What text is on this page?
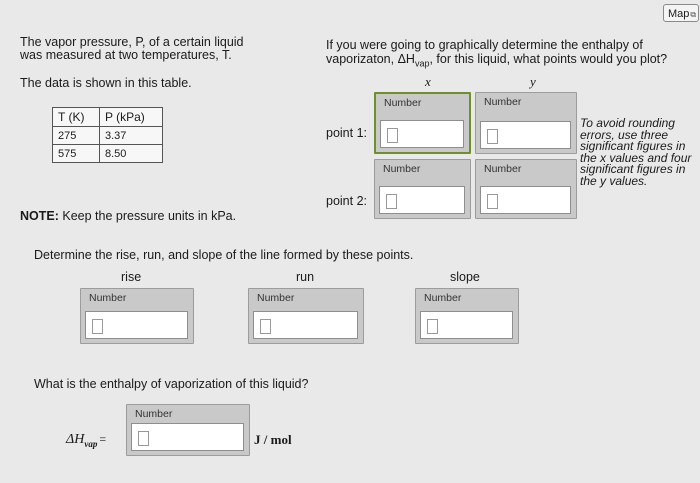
Map⧉
The vapor pressure, P, of a certain liquid
was measured at two temperatures, T.
The data is shown in this table.
T (K)	P (kPa)
275	3.37
575	8.50
NOTE: Keep the pressure units in kPa.
If you were going to graphically determine the enthalpy of
vaporizaton, $\Delta H_{vap}$, for this liquid, what points would you plot?
x	y
point 1:
point 2:
Number	Number
Number	Number
To avoid rounding
errors, use three
significant figures in
the x values and four
significant figures in
the y values.
Determine the rise, run, and slope of the line formed by these points.
rise	run	slope
Number	Number	Number
What is the enthalpy of vaporization of this liquid?
$\Delta H_{vap}$ =
Number
J / mol
